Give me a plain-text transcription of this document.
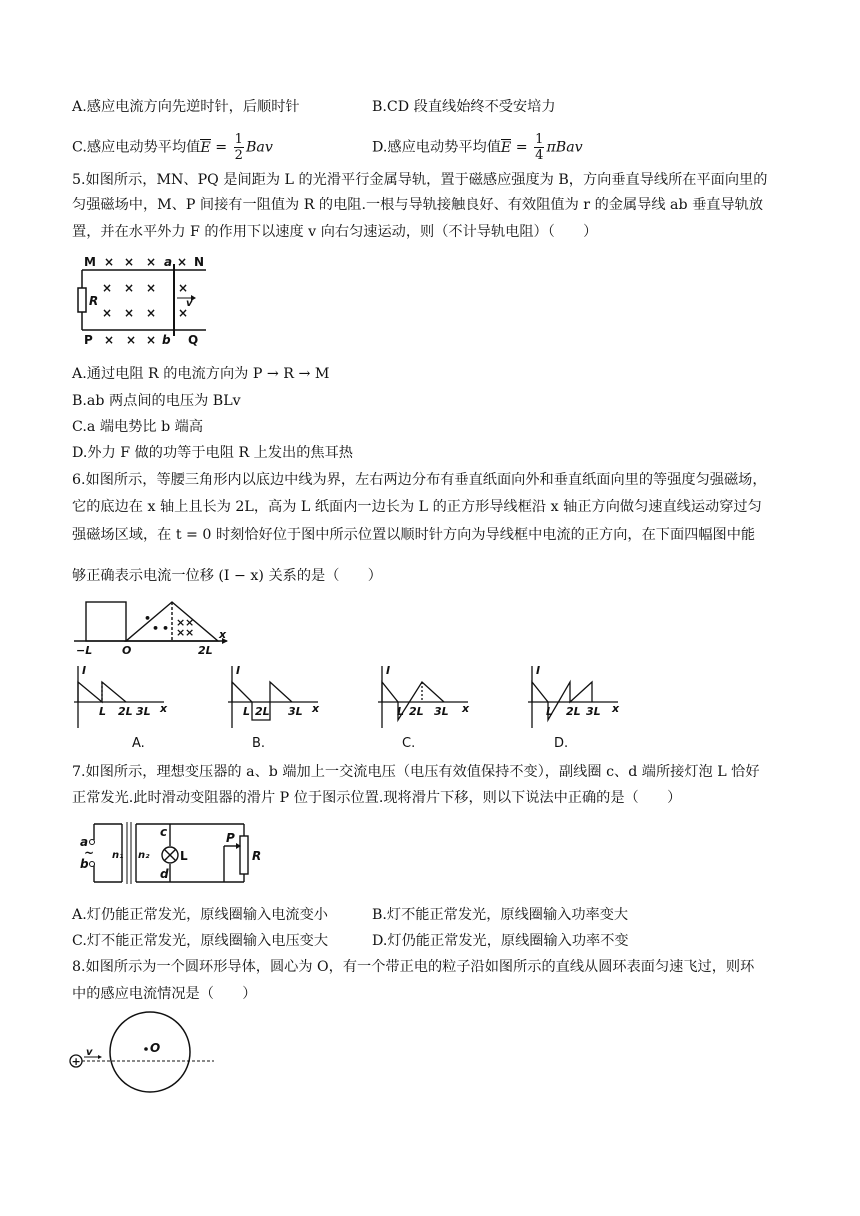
A.感应电流方向先逆时针，后顺时针	B.CD 段直线始终不受安培力
C.感应电动势平均值$E = \frac{1}{2}$ Bav	D.感应电动势平均值$E = \frac{1}{4}$ πBav
5.如图所示，MN、PQ 是间距为 L 的光滑平行金属导轨，置于磁感应强度为 B，方向垂直导线所在平面向里的
匀强磁场中，M、P 间接有一阻值为 R 的电阻.一根与导轨接触良好、有效阻值为 r 的金属导线 ab 垂直导轨放
置，并在水平外力 F 的作用下以速度 v 向右匀速运动，则（不计导轨电阻）（　　）
M	N
P	Q
a
b
R	v
× × × ×
× × × ×
× × × ×
× × ×
A.通过电阻 R 的电流方向为 P → R → M
B.ab 两点间的电压为 BLv
C.a 端电势比 b 端高
D.外力 F 做的功等于电阻 R 上发出的焦耳热
6.如图所示，等腰三角形内以底边中线为界，左右两边分布有垂直纸面向外和垂直纸面向里的等强度匀强磁场，
它的底边在 x 轴上且长为 2L，高为 L 纸面内一边长为 L 的正方形导线框沿 x 轴正方向做匀速直线运动穿过匀
强磁场区域，在 t = 0 时刻恰好位于图中所示位置以顺时针方向为导线框中电流的正方向，在下面四幅图中能
够正确表示电流一位移 (I − x) 关系的是（　　）
•
• • × ×
× ×
−L	O	2L
x
I
L 2L 3L x
A.
I
L 2L 3L x
B.
I
L 2L 3L x
C.
I
L 2L 3L x
D.
7.如图所示，理想变压器的 a、b 端加上一交流电压（电压有效值保持不变），副线圈 c、d 端所接灯泡 L 恰好
正常发光.此时滑动变阻器的滑片 P 位于图示位置.现将滑片下移，则以下说法中正确的是（　　）
a
b
c
d
n₁ n₂	L
P
R
~
A.灯仍能正常发光，原线圈输入电流变小	B.灯不能正常发光，原线圈输入功率变大
C.灯不能正常发光，原线圈输入电压变大	D.灯仍能正常发光，原线圈输入功率不变
8.如图所示为一个圆环形导体，圆心为 O，有一个带正电的粒子沿如图所示的直线从圆环表面匀速飞过，则环
中的感应电流情况是（　　）
+
v	O
